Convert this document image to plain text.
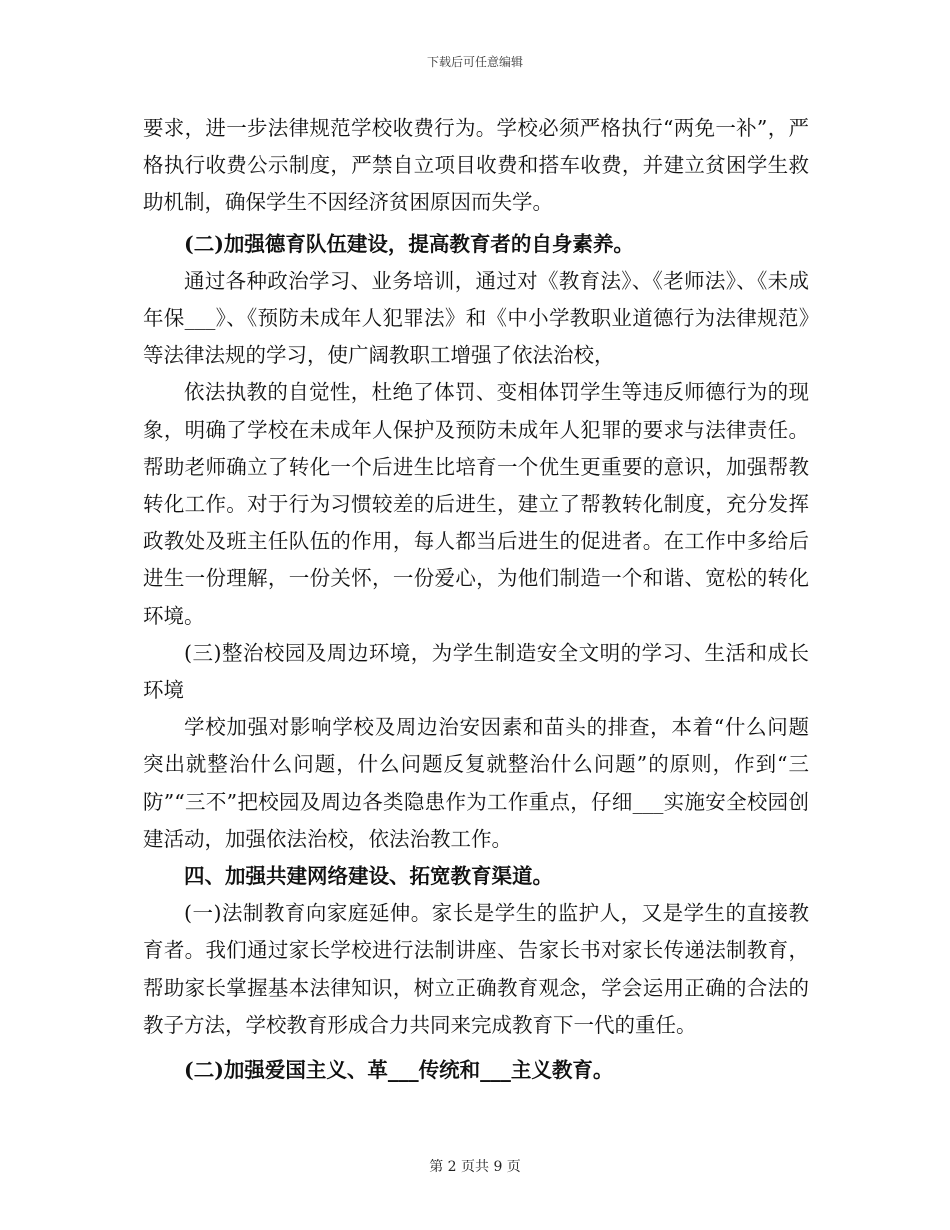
下载后可任意编辑

要求，进一步法律规范学校收费行为。学校必须严格执行“两免一补”，严格执行收费公示制度，严禁自立项目收费和搭车收费，并建立贫困学生救助机制，确保学生不因经济贫困原因而失学。

(二)加强德育队伍建设，提高教育者的自身素养。

通过各种政治学习、业务培训，通过对《教育法》、《老师法》、《未成年保___》、《预防未成年人犯罪法》和《中小学教职业道德行为法律规范》等法律法规的学习，使广阔教职工增强了依法治校，

依法执教的自觉性，杜绝了体罚、变相体罚学生等违反师德行为的现象，明确了学校在未成年人保护及预防未成年人犯罪的要求与法律责任。帮助老师确立了转化一个后进生比培育一个优生更重要的意识，加强帮教转化工作。对于行为习惯较差的后进生，建立了帮教转化制度，充分发挥政教处及班主任队伍的作用，每人都当后进生的促进者。在工作中多给后进生一份理解，一份关怀，一份爱心，为他们制造一个和谐、宽松的转化环境。

(三)整治校园及周边环境，为学生制造安全文明的学习、生活和成长环境

学校加强对影响学校及周边治安因素和苗头的排查，本着“什么问题突出就整治什么问题，什么问题反复就整治什么问题”的原则，作到“三防”“三不”把校园及周边各类隐患作为工作重点，仔细___实施安全校园创建活动，加强依法治校，依法治教工作。

四、加强共建网络建设、拓宽教育渠道。

(一)法制教育向家庭延伸。家长是学生的监护人，又是学生的直接教育者。我们通过家长学校进行法制讲座、告家长书对家长传递法制教育，帮助家长掌握基本法律知识，树立正确教育观念，学会运用正确的合法的教子方法，学校教育形成合力共同来完成教育下一代的重任。

(二)加强爱国主义、革___传统和___主义教育。

第 2 页共 9 页
